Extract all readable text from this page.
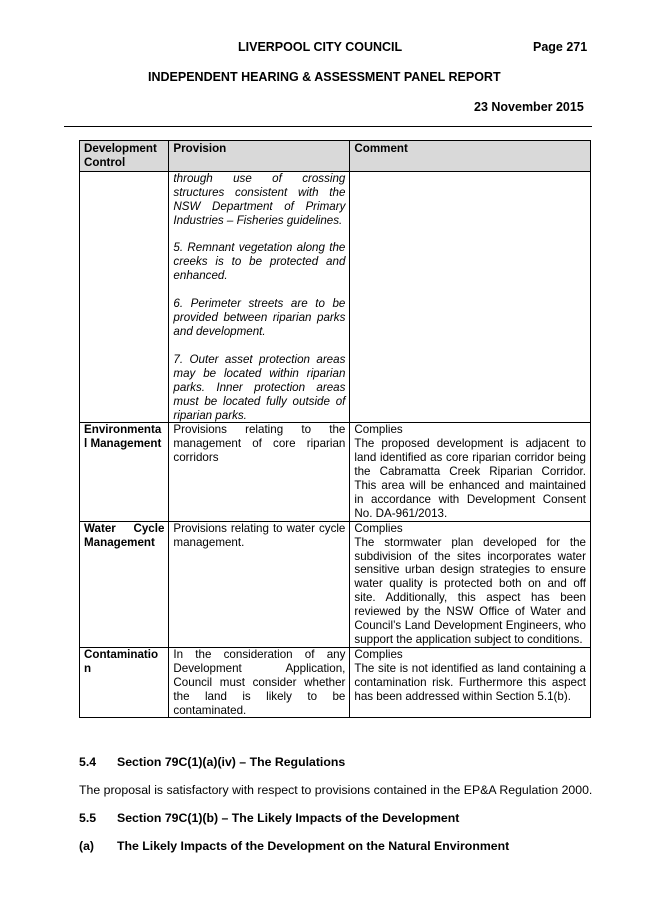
LIVERPOOL CITY COUNCIL	Page 271
INDEPENDENT HEARING & ASSESSMENT PANEL REPORT
23 November 2015
Development Control	Provision	Comment

	through use of crossing structures consistent with the NSW Department of Primary Industries – Fisheries guidelines.

5. Remnant vegetation along the creeks is to be protected and enhanced.

6. Perimeter streets are to be provided between riparian parks and development.

7. Outer asset protection areas may be located within riparian parks. Inner protection areas must be located fully outside of riparian parks.	

Environmental Management	Provisions relating to the management of core riparian corridors	Complies
The proposed development is adjacent to land identified as core riparian corridor being the Cabramatta Creek Riparian Corridor. This area will be enhanced and maintained in accordance with Development Consent No. DA-961/2013.

Water Cycle Management	Provisions relating to water cycle management.	Complies
The stormwater plan developed for the subdivision of the sites incorporates water sensitive urban design strategies to ensure water quality is protected both on and off site. Additionally, this aspect has been reviewed by the NSW Office of Water and Council’s Land Development Engineers, who support the application subject to conditions.

Contamination	In the consideration of any Development Application, Council must consider whether the land is likely to be contaminated.	Complies
The site is not identified as land containing a contamination risk. Furthermore this aspect has been addressed within Section 5.1(b).
5.4 Section 79C(1)(a)(iv) – The Regulations
The proposal is satisfactory with respect to provisions contained in the EP&A Regulation 2000.
5.5 Section 79C(1)(b) – The Likely Impacts of the Development
(a) The Likely Impacts of the Development on the Natural Environment
